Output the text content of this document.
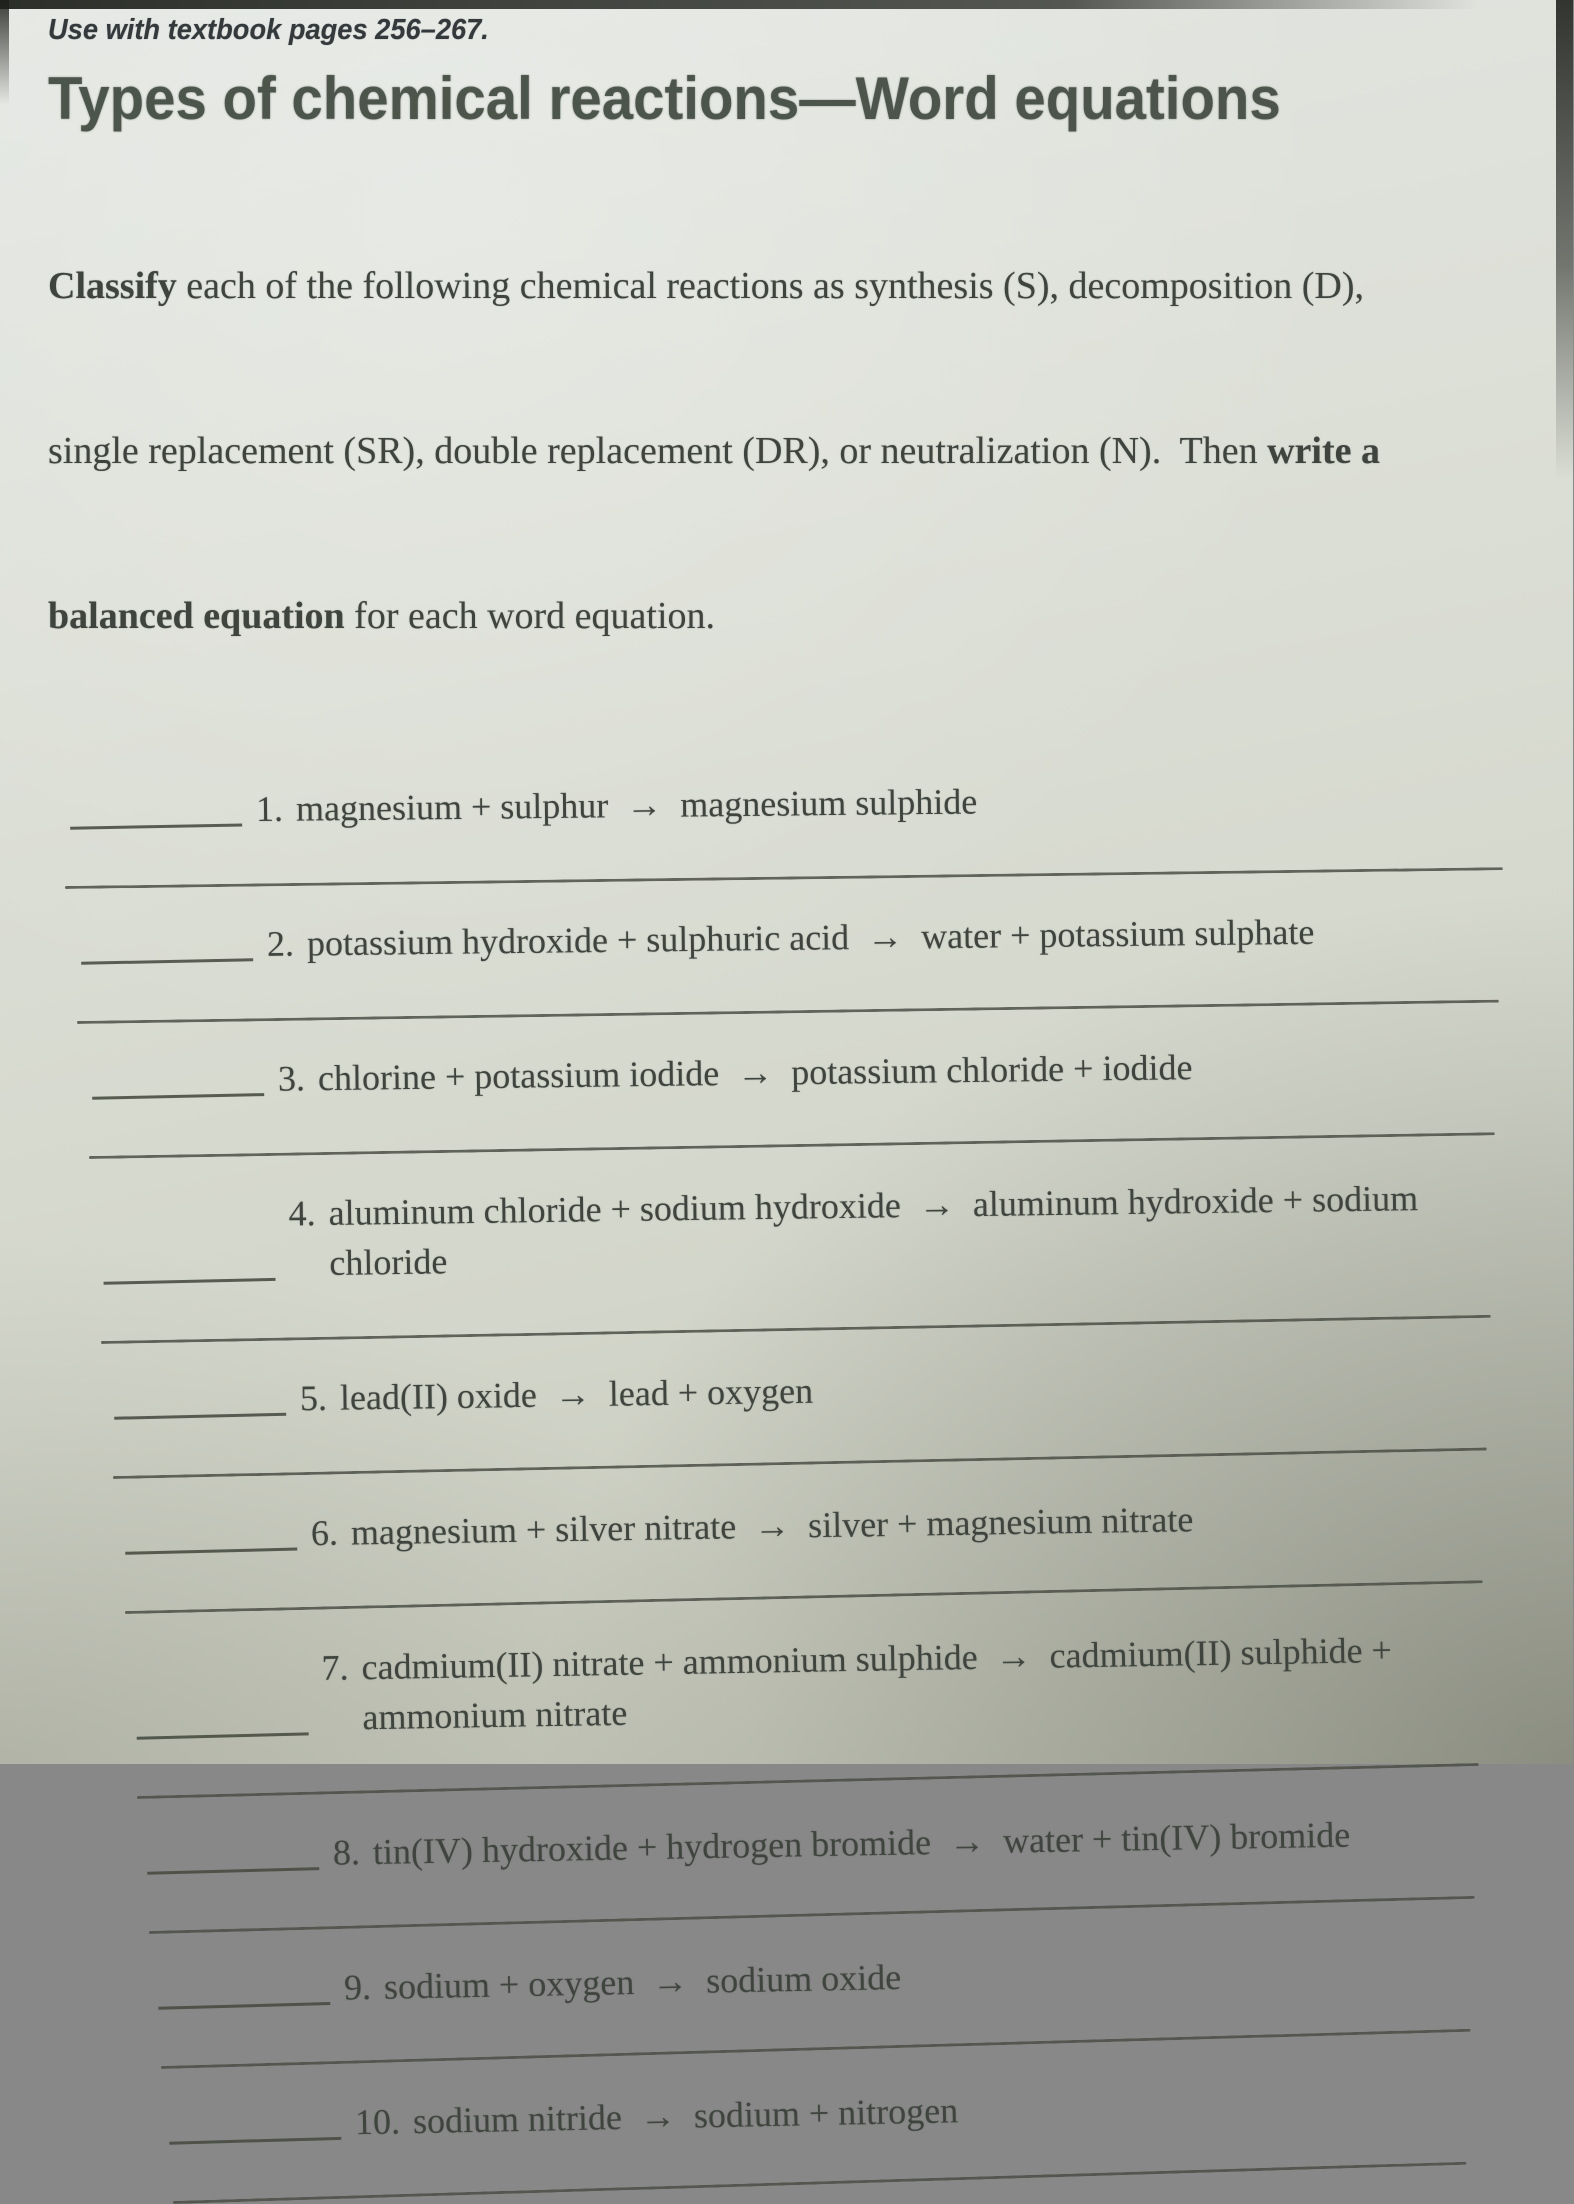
Use with textbook pages 256–267.
Types of chemical reactions—Word equations

Classify each of the following chemical reactions as synthesis (S), decomposition (D),

single replacement (SR), double replacement (DR), or neutralization (N).  Then write a

balanced equation for each word equation.

1. magnesium + sulphur  →  magnesium sulphide
2. potassium hydroxide + sulphuric acid  →  water + potassium sulphate
3. chlorine + potassium iodide  →  potassium chloride + iodide
4. aluminum chloride + sodium hydroxide  →  aluminum hydroxide + sodium
chloride
5. lead(II) oxide  →  lead + oxygen
6. magnesium + silver nitrate  →  silver + magnesium nitrate
7. cadmium(II) nitrate + ammonium sulphide  →  cadmium(II) sulphide +
ammonium nitrate
8. tin(IV) hydroxide + hydrogen bromide  →  water + tin(IV) bromide
9. sodium + oxygen  →  sodium oxide
10. sodium nitride  →  sodium + nitrogen
